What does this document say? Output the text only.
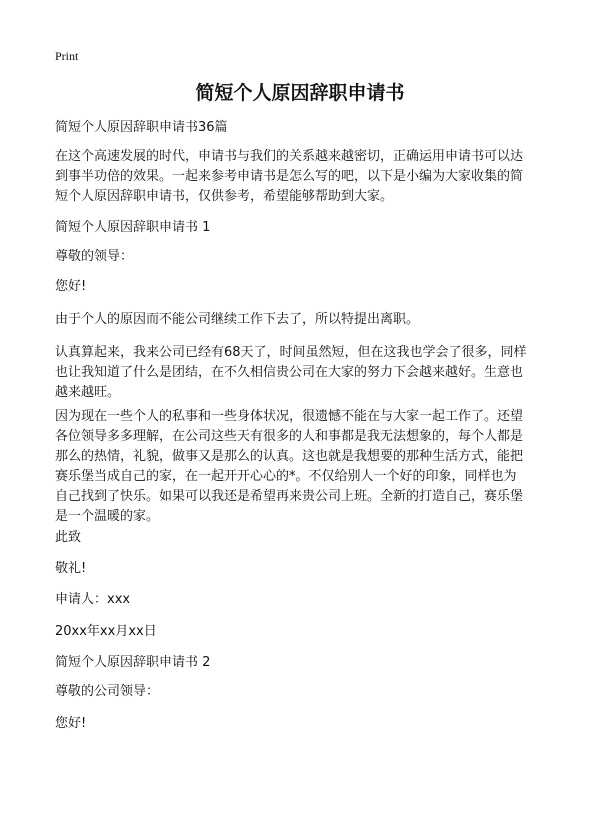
Print
简短个人原因辞职申请书
简短个人原因辞职申请书36篇
在这个高速发展的时代，申请书与我们的关系越来越密切，正确运用申请书可以达
到事半功倍的效果。一起来参考申请书是怎么写的吧，以下是小编为大家收集的简
短个人原因辞职申请书，仅供参考，希望能够帮助到大家。
简短个人原因辞职申请书 1
尊敬的领导：
您好!
由于个人的原因而不能公司继续工作下去了，所以特提出离职。
认真算起来，我来公司已经有68天了，时间虽然短，但在这我也学会了很多，同样
也让我知道了什么是团结，在不久相信贵公司在大家的努力下会越来越好。生意也
越来越旺。
因为现在一些个人的私事和一些身体状况，很遗憾不能在与大家一起工作了。还望
各位领导多多理解，在公司这些天有很多的人和事都是我无法想象的，每个人都是
那么的热情，礼貌，做事又是那么的认真。这也就是我想要的那种生活方式，能把
赛乐堡当成自己的家，在一起开开心心的*。不仅给别人一个好的印象，同样也为
自己找到了快乐。如果可以我还是希望再来贵公司上班。全新的打造自己，赛乐堡
是一个温暖的家。
此致
敬礼!
申请人：xxx
20xx年xx月xx日
简短个人原因辞职申请书 2
尊敬的公司领导：
您好!
